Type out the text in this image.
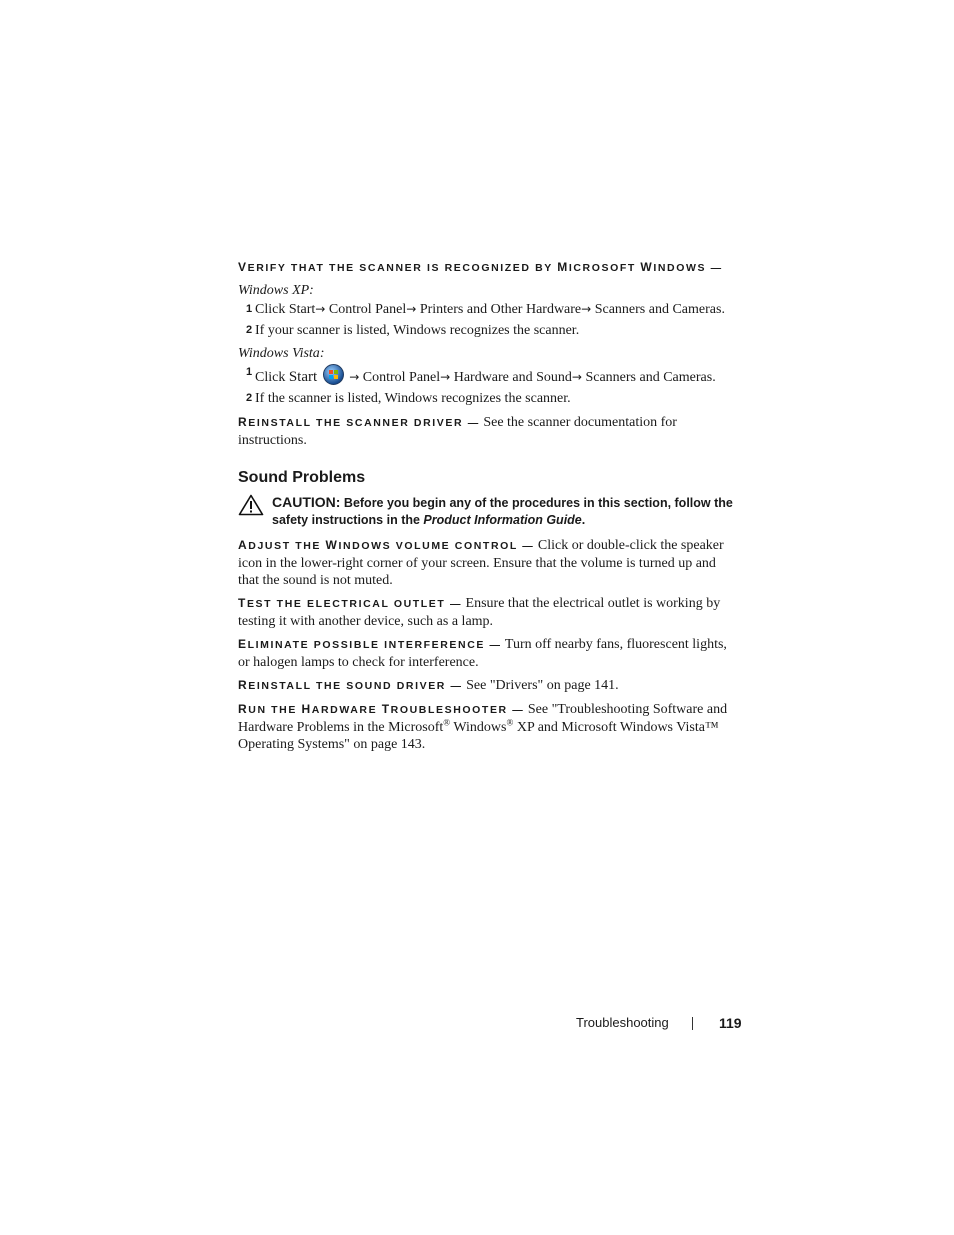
VERIFY THAT THE SCANNER IS RECOGNIZED BY MICROSOFT WINDOWS —
Windows XP:
1 Click Start→ Control Panel→ Printers and Other Hardware→ Scanners and Cameras.
2 If your scanner is listed, Windows recognizes the scanner.
Windows Vista:
1 Click Start	→ Control Panel→ Hardware and Sound→ Scanners and Cameras.
2 If the scanner is listed, Windows recognizes the scanner.
REINSTALL THE SCANNER DRIVER — See the scanner documentation for instructions.
Sound Problems
CAUTION: Before you begin any of the procedures in this section, follow the safety instructions in the Product Information Guide.
ADJUST THE WINDOWS VOLUME CONTROL — Click or double-click the speaker icon in the lower-right corner of your screen. Ensure that the volume is turned up and that the sound is not muted.
TEST THE ELECTRICAL OUTLET — Ensure that the electrical outlet is working by testing it with another device, such as a lamp.
ELIMINATE POSSIBLE INTERFERENCE — Turn off nearby fans, fluorescent lights, or halogen lamps to check for interference.
REINSTALL THE SOUND DRIVER — See "Drivers" on page 141.
RUN THE HARDWARE TROUBLESHOOTER — See "Troubleshooting Software and Hardware Problems in the Microsoft® Windows® XP and Microsoft Windows Vista™ Operating Systems" on page 143.
Troubleshooting	119
